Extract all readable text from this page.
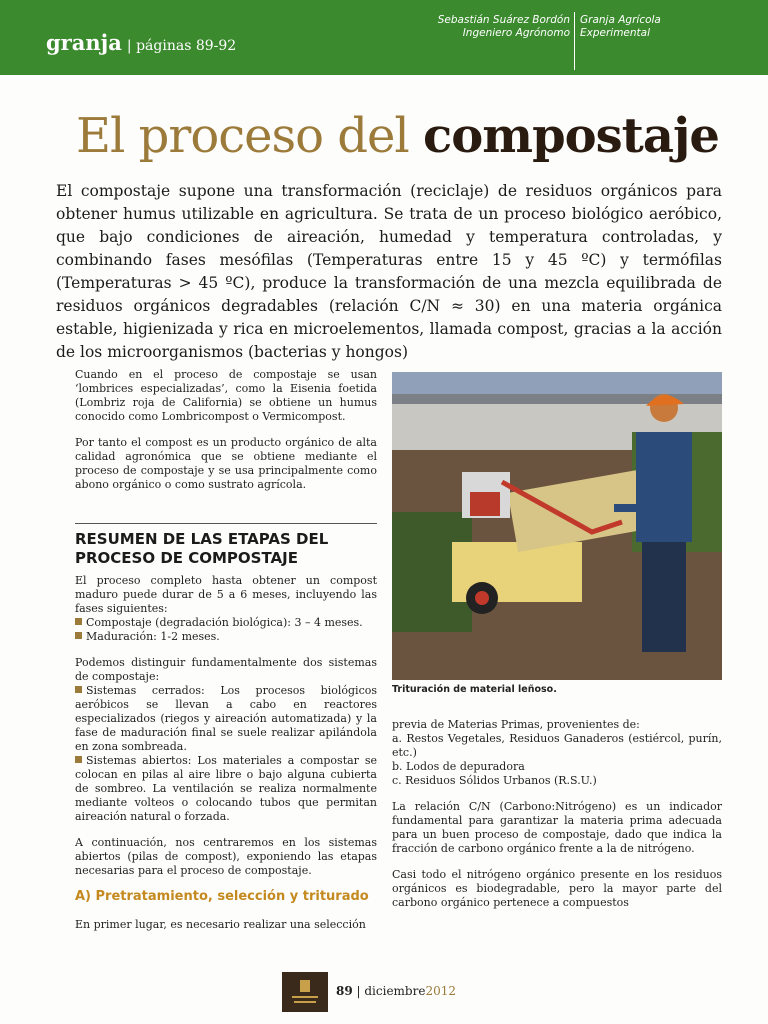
granja | páginas 89-92
Sebastián Suárez Bordón
Ingeniero Agrónomo
Granja Agrícola
Experimental
El proceso del compostaje
El compostaje supone una transformación (reciclaje) de residuos orgánicos para obtener humus utilizable en agricultura. Se trata de un proceso biológico aeróbico, que bajo condiciones de aireación, humedad y temperatura controladas, y combinando fases mesófilas (Temperaturas entre 15 y 45 ºC) y termófilas (Temperaturas > 45 ºC), produce la transformación de una mezcla equilibrada de residuos orgánicos degradables (relación C/N ≈ 30) en una materia orgánica estable, higienizada y rica en microelementos, llamada compost, gracias a la acción de los microorganismos (bacterias y hongos)

Cuando en el proceso de compostaje se usan ‘lombrices especializadas’, como la Eisenia foetida (Lombriz roja de California) se obtiene un humus conocido como Lombricompost o Vermicompost.

Por tanto el compost es un producto orgánico de alta calidad agronómica que se obtiene mediante el proceso de compostaje y se usa principalmente como abono orgánico o como sustrato agrícola.

RESUMEN DE LAS ETAPAS DEL PROCESO DE COMPOSTAJE

El proceso completo hasta obtener un compost maduro puede durar de 5 a 6 meses, incluyendo las fases siguientes:

Compostaje (degradación biológica): 3 – 4 meses.
Maduración: 1-2 meses.

Podemos distinguir fundamentalmente dos sistemas de compostaje:

Sistemas cerrados: Los procesos biológicos aeróbicos se llevan a cabo en reactores especializados (riegos y aireación automatizada) y la fase de maduración final se suele realizar apilándola en zona sombreada.
Sistemas abiertos: Los materiales a compostar se colocan en pilas al aire libre o bajo alguna cubierta de sombreo. La ventilación se realiza normalmente mediante volteos o colocando tubos que permitan aireación natural o forzada.

A continuación, nos centraremos en los sistemas abiertos (pilas de compost), exponiendo las etapas necesarias para el proceso de compostaje.

A) Pretratamiento, selección y triturado

En primer lugar, es necesario realizar una selección

Trituración de material leñoso.
previa de Materias Primas, provenientes de:
a. Restos Vegetales, Residuos Ganaderos (estiércol, purín, etc.)
b. Lodos de depuradora
c. Residuos Sólidos Urbanos (R.S.U.)

La relación C/N (Carbono:Nitrógeno) es un indicador fundamental para garantizar la materia prima adecuada para un buen proceso de compostaje, dado que indica la fracción de carbono orgánico frente a la de nitrógeno.

Casi todo el nitrógeno orgánico presente en los residuos orgánicos es biodegradable, pero la mayor parte del carbono orgánico pertenece a compuestos

89 | diciembre2012
